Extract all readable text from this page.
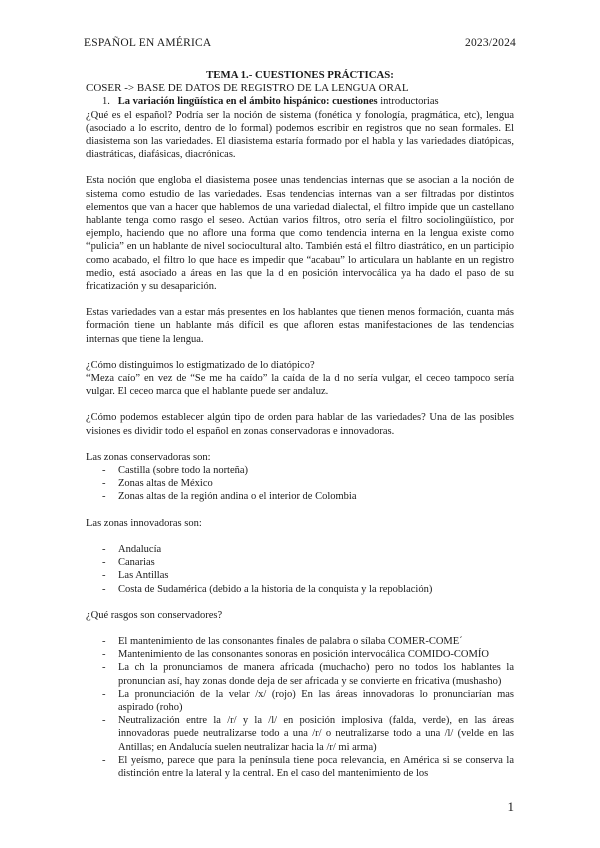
ESPAÑOL EN AMÉRICA	2023/2024
TEMA 1.- CUESTIONES PRÁCTICAS:
COSER -> BASE DE DATOS DE REGISTRO DE LA LENGUA ORAL
1. La variación lingüística en el ámbito hispánico: cuestiones introductorias

¿Qué es el español? Podría ser la noción de sistema (fonética y fonología, pragmática, etc), lengua (asociado a lo escrito, dentro de lo formal) podemos escribir en registros que no sean formales. El diasistema son las variedades. El diasistema estaría formado por el habla y las variedades diatópicas, diastráticas, diafásicas, diacrónicas.

Esta noción que engloba el diasistema posee unas tendencias internas que se asocian a la noción de sistema como estudio de las variedades. Esas tendencias internas van a ser filtradas por distintos elementos que van a hacer que hablemos de una variedad dialectal, el filtro impide que un castellano hablante tenga como rasgo el seseo. Actúan varios filtros, otro sería el filtro sociolingüístico, por ejemplo, haciendo que no aflore una forma que como tendencia interna en la lengua existe como “pulicia” en un hablante de nivel sociocultural alto. También está el filtro diastrático, en un participio como acabado, el filtro lo que hace es impedir que “acabau” lo articulara un hablante en un registro medio, está asociado a áreas en las que la d en posición intervocálica ya ha dado el paso de su fricatización y su desaparición.

Estas variedades van a estar más presentes en los hablantes que tienen menos formación, cuanta más formación tiene un hablante más difícil es que afloren estas manifestaciones de las tendencias internas que tiene la lengua.

¿Cómo distinguimos lo estigmatizado de lo diatópico?

“Meza caío” en vez de “Se me ha caído” la caída de la d no sería vulgar, el ceceo tampoco sería vulgar. El ceceo marca que el hablante puede ser andaluz.

¿Cómo podemos establecer algún tipo de orden para hablar de las variedades? Una de las posibles visiones es dividir todo el español en zonas conservadoras e innovadoras.

Las zonas conservadoras son:

- Castilla (sobre todo la norteña)
- Zonas altas de México
- Zonas altas de la región andina o el interior de Colombia

Las zonas innovadoras son:

- Andalucía
- Canarias
- Las Antillas
- Costa de Sudamérica (debido a la historia de la conquista y la repoblación)

¿Qué rasgos son conservadores?

- El mantenimiento de las consonantes finales de palabra o sílaba COMER-COME´
- Mantenimiento de las consonantes sonoras en posición intervocálica COMIDO-COMÍO
- La ch la pronunciamos de manera africada (muchacho) pero no todos los hablantes la pronuncian así, hay zonas donde deja de ser africada y se convierte en fricativa (mushasho)
- La pronunciación de la velar /x/ (rojo) En las áreas innovadoras lo pronunciarían mas aspirado (roho)
- Neutralización entre la /r/ y la /l/ en posición implosiva (falda, verde), en las áreas innovadoras puede neutralizarse todo a una /r/ o neutralizarse todo a una /l/ (velde en las Antillas; en Andalucía suelen neutralizar hacia la /r/ mi arma)
- El yeísmo, parece que para la península tiene poca relevancia, en América si se conserva la distinción entre la lateral y la central. En el caso del mantenimiento de los
1
